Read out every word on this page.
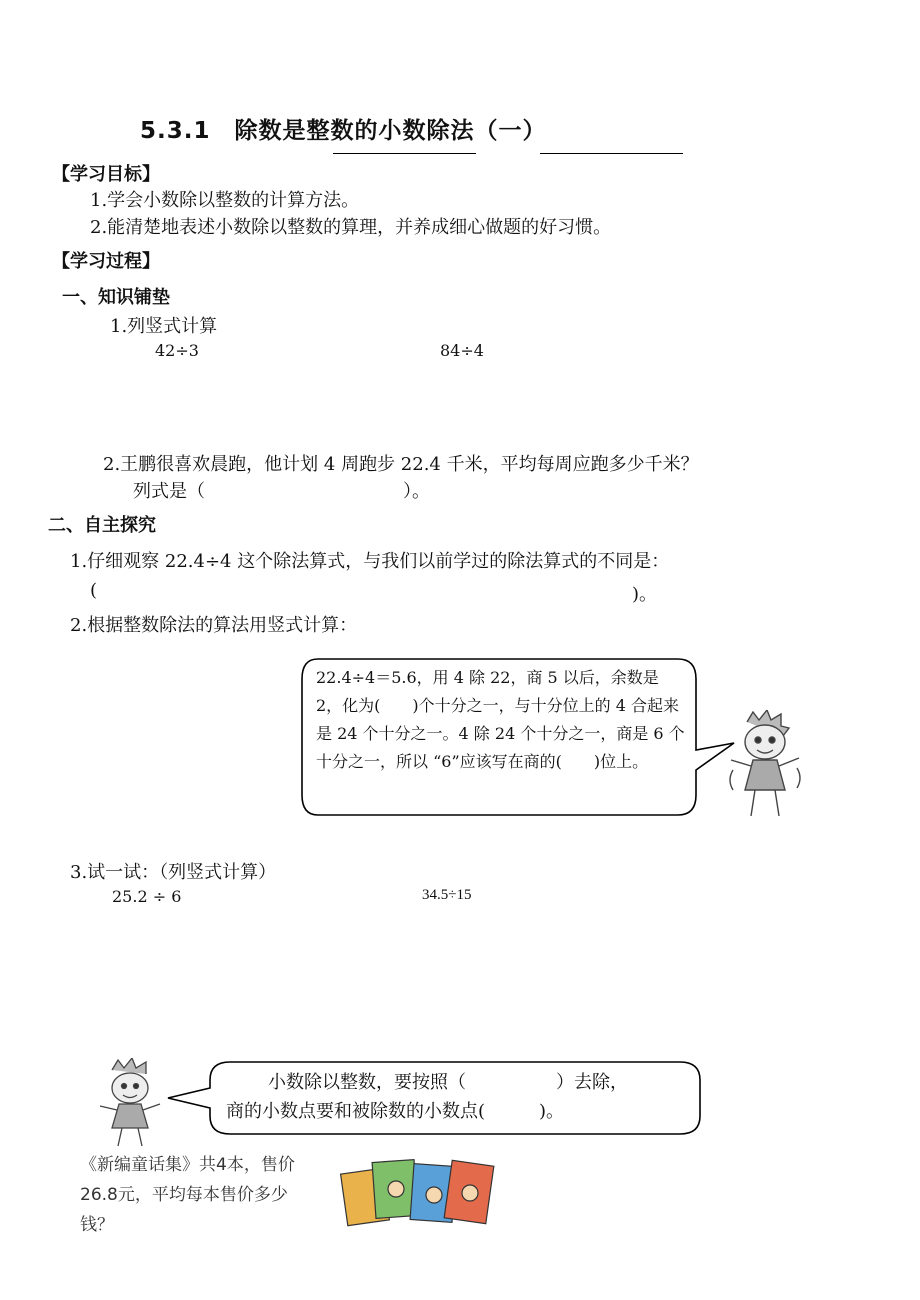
5.3.1　除数是整数的小数除法（一）
【学习目标】
1.学会小数除以整数的计算方法。
2.能清楚地表述小数除以整数的算理，并养成细心做题的好习惯。
【学习过程】
一、知识铺垫
1.列竖式计算
42÷3	84÷4
2.王鹏很喜欢晨跑，他计划 4 周跑步 22.4 千米，平均每周应跑多少千米？
列式是（　　　　　　　　　　　）。
二、自主探究
1.仔细观察 22.4÷4 这个除法算式，与我们以前学过的除法算式的不同是：
(	)。
2.根据整数除法的算法用竖式计算：
22.4÷4＝5.6，用 4 除 22，商 5 以后，余数是 2，化为(　　)个十分之一，与十分位上的 4 合起来是 24 个十分之一。4 除 24 个十分之一，商是 6 个十分之一，所以 “6”应该写在商的(　　)位上。
3.试一试：（列竖式计算）
25.2 ÷ 6	34.5÷15
小数除以整数，要按照（　　　　　）去除，
商的小数点要和被除数的小数点(　　　)。
《新编童话集》共4本，售价26.8元，平均每本售价多少钱？
